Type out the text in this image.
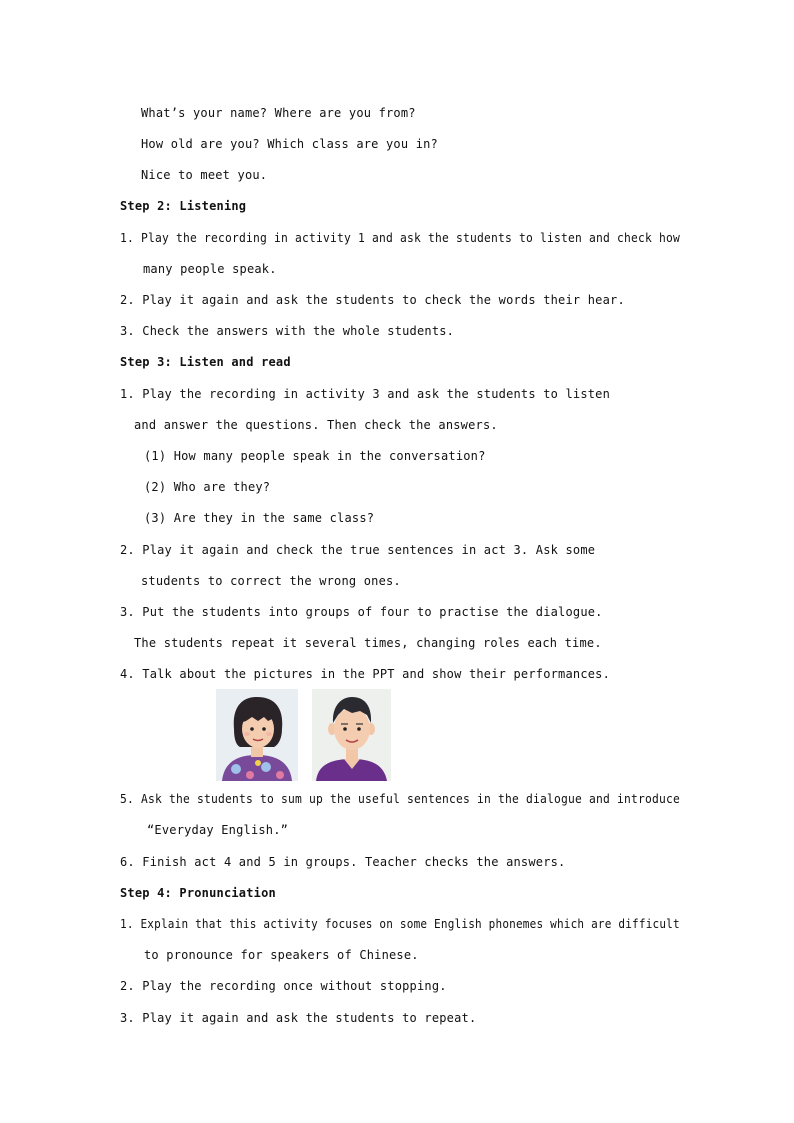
What’s your name? Where are you from?
How old are you? Which class are you in?
Nice to meet you.
Step 2: Listening
1. Play the recording in activity 1 and ask the students to listen and check how
many people speak.
2. Play it again and ask the students to check the words their hear.
3. Check the answers with the whole students.
Step 3: Listen and read
1. Play the recording in activity 3 and ask the students to listen
and answer the questions. Then check the answers.
(1) How many people speak in the conversation?
(2) Who are they?
(3) Are they in the same class?
2. Play it again and check the true sentences in act 3. Ask some
students to correct the wrong ones.
3. Put the students into groups of four to practise the dialogue.
The students repeat it several times, changing roles each time.
4. Talk about the pictures in the PPT and show their performances.
5. Ask the students to sum up the useful sentences in the dialogue and introduce
“Everyday English.”
6. Finish act 4 and 5 in groups. Teacher checks the answers.
Step 4: Pronunciation
1. Explain that this activity focuses on some English phonemes which are difficult
to pronounce for speakers of Chinese.
2. Play the recording once without stopping.
3. Play it again and ask the students to repeat.
